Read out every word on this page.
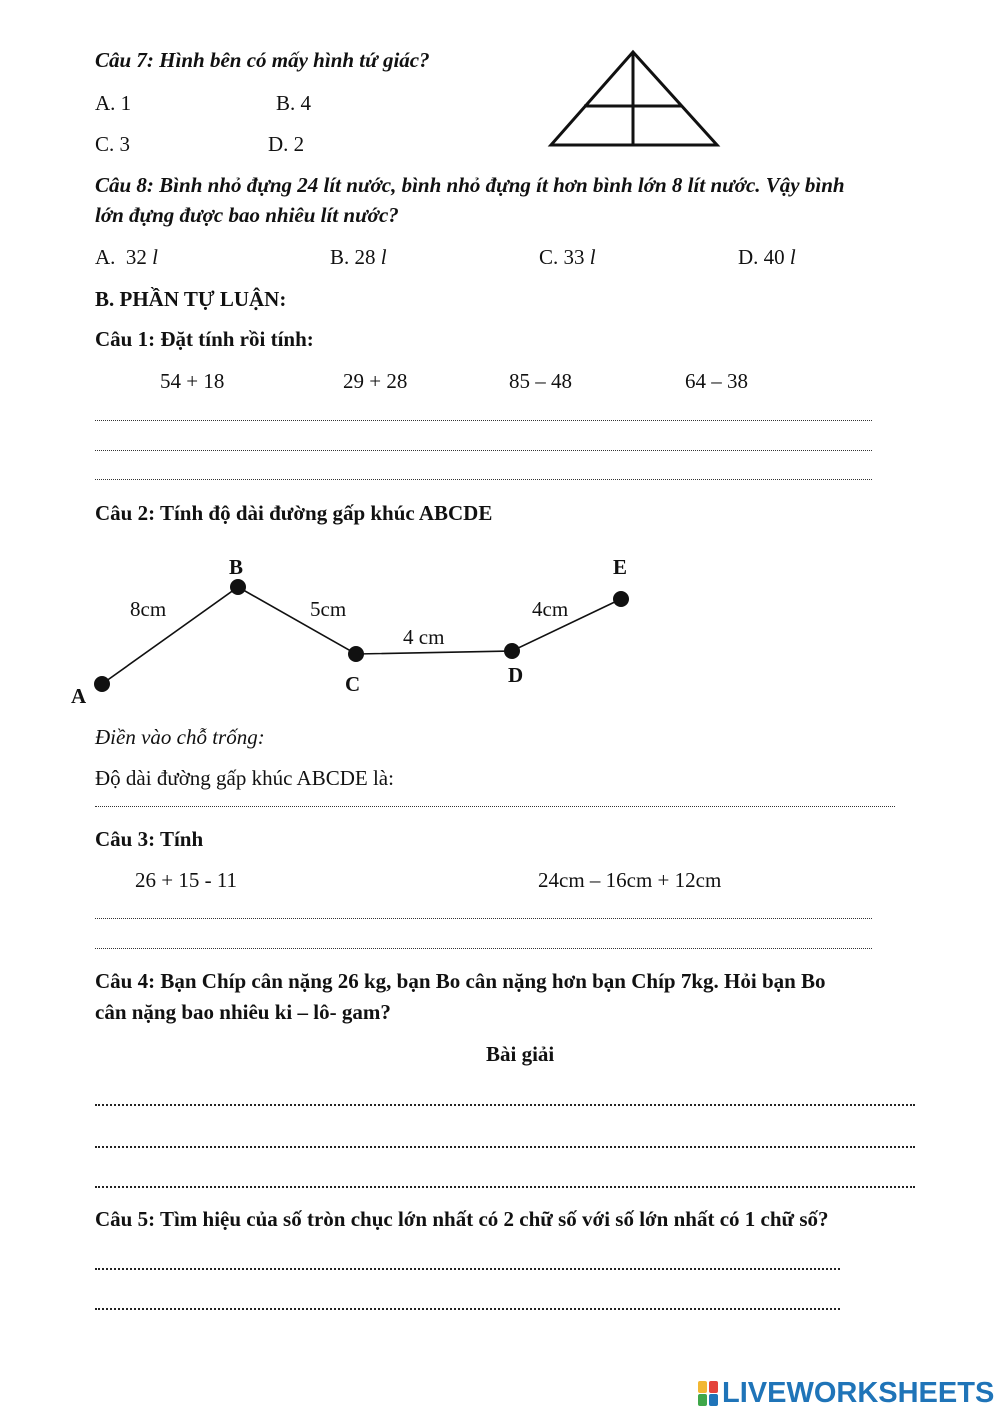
Câu 7: Hình bên có mấy hình tứ giác?
A. 1	B. 4
C. 3	D. 2
Câu 8: Bình nhỏ đựng 24 lít nước, bình nhỏ đựng ít hơn bình lớn 8 lít nước. Vậy bình
lớn đựng được bao nhiêu lít nước?
A.  32 l	B. 28 l	C. 33 l	D. 40 l
B. PHẦN TỰ LUẬN:
Câu 1: Đặt tính rồi tính:
54 + 18	29 + 28	85 – 48	64 – 38
Câu 2: Tính độ dài đường gấp khúc ABCDE
A
B
C	D
E
8cm	5cm
4 cm
4cm
Điền vào chỗ trống:
Độ dài đường gấp khúc ABCDE là:
Câu 3: Tính
26 + 15 - 11	24cm – 16cm + 12cm
Câu 4: Bạn Chíp cân nặng 26 kg, bạn Bo cân nặng hơn bạn Chíp 7kg. Hỏi bạn Bo
cân nặng bao nhiêu ki – lô- gam?
Bài giải
Câu 5: Tìm hiệu của số tròn chục lớn nhất có 2 chữ số với số lớn nhất có 1 chữ số?
LIVEWORKSHEETS
